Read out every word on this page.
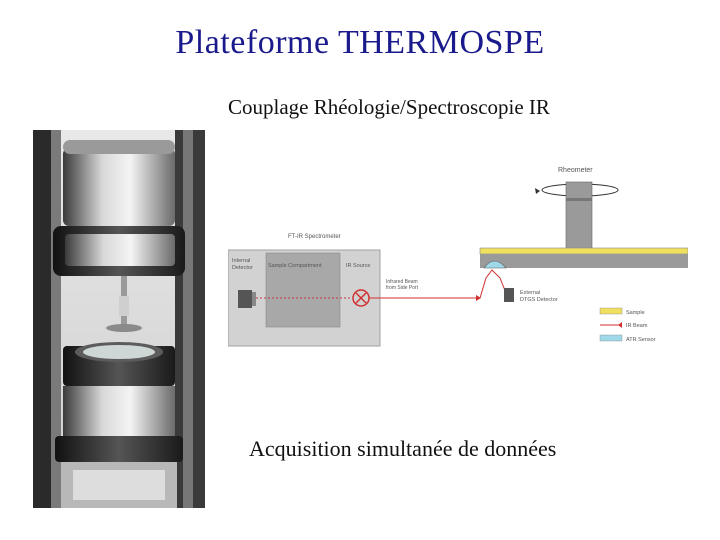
Plateforme THERMOSPE
Couplage Rhéologie/Spectroscopie IR
Rheometer
FT-IR Spectrometer
Internal Detector	Sample Compartment	IR Source
Infrared Beam from Side Port
External DTGS Detector
Sample
IR Beam
ATR Sensor
Acquisition simultanée de données
